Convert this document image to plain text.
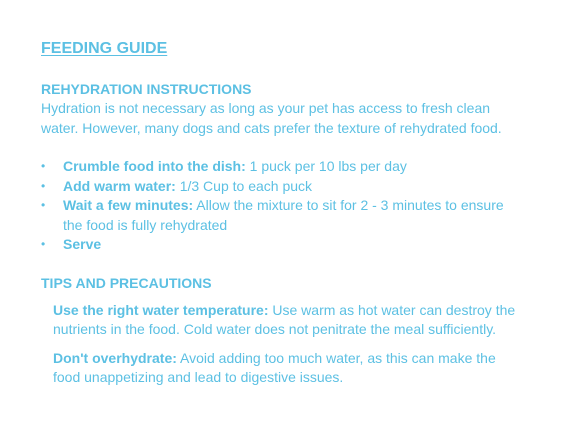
FEEDING GUIDE
REHYDRATION INSTRUCTIONS

Hydration is not necessary as long as your pet has access to fresh clean water. However, many dogs and cats prefer the texture of rehydrated food.

•	Crumble food into the dish: 1 puck per 10 lbs per day
•	Add warm water: 1/3 Cup to each puck
•	Wait a few minutes: Allow the mixture to sit for 2 - 3 minutes to ensure the food is fully rehydrated
•	Serve
TIPS AND PRECAUTIONS

Use the right water temperature: Use warm as hot water can destroy the nutrients in the food. Cold water does not penitrate the meal sufficiently.

Don't overhydrate: Avoid adding too much water, as this can make the food unappetizing and lead to digestive issues.
